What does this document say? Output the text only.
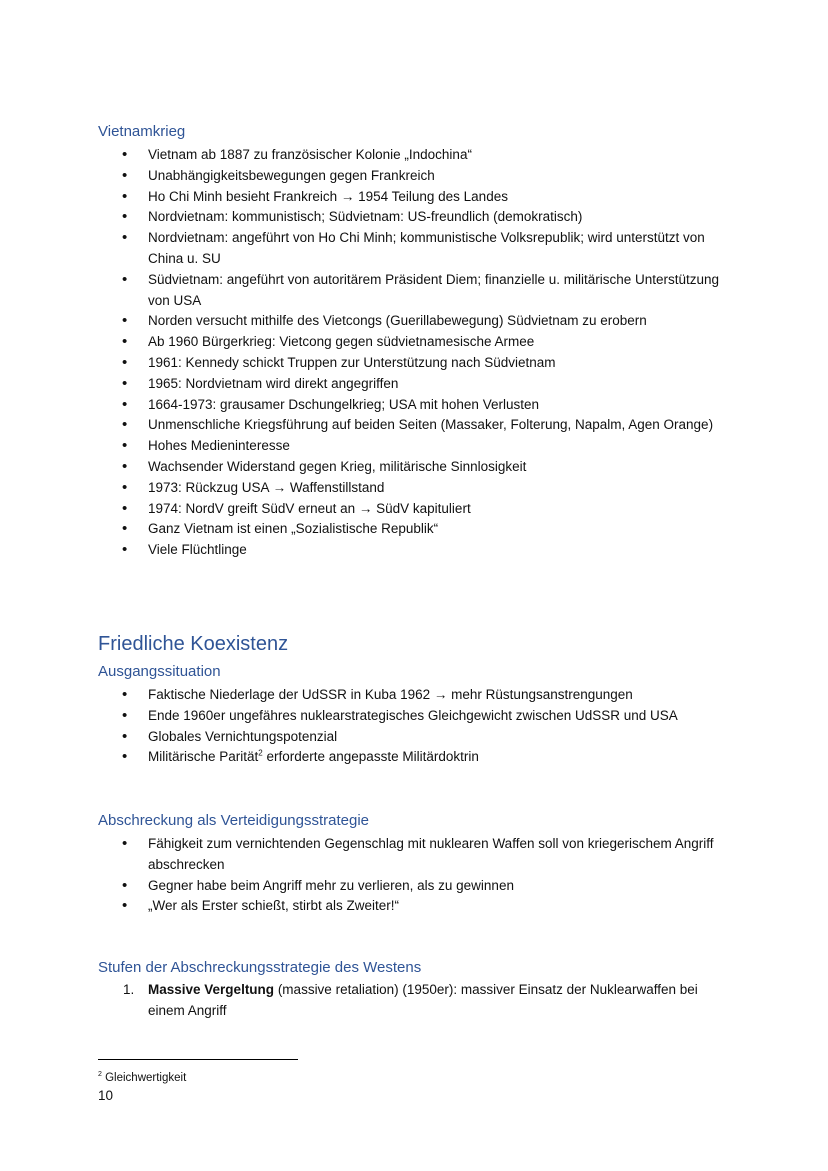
Vietnamkrieg
• Vietnam ab 1887 zu französischer Kolonie „Indochina“
• Unabhängigkeitsbewegungen gegen Frankreich
• Ho Chi Minh besieht Frankreich → 1954 Teilung des Landes
• Nordvietnam: kommunistisch; Südvietnam: US-freundlich (demokratisch)
• Nordvietnam: angeführt von Ho Chi Minh; kommunistische Volksrepublik; wird unterstützt von China u. SU
• Südvietnam: angeführt von autoritärem Präsident Diem; finanzielle u. militärische Unterstützung von USA
• Norden versucht mithilfe des Vietcongs (Guerillabewegung) Südvietnam zu erobern
• Ab 1960 Bürgerkrieg: Vietcong gegen südvietnamesische Armee
• 1961: Kennedy schickt Truppen zur Unterstützung nach Südvietnam
• 1965: Nordvietnam wird direkt angegriffen
• 1664-1973: grausamer Dschungelkrieg; USA mit hohen Verlusten
• Unmenschliche Kriegsführung auf beiden Seiten (Massaker, Folterung, Napalm, Agen Orange)
• Hohes Medieninteresse
• Wachsender Widerstand gegen Krieg, militärische Sinnlosigkeit
• 1973: Rückzug USA → Waffenstillstand
• 1974: NordV greift SüdV erneut an → SüdV kapituliert
• Ganz Vietnam ist einen „Sozialistische Republik“
• Viele Flüchtlinge
Friedliche Koexistenz
Ausgangssituation
• Faktische Niederlage der UdSSR in Kuba 1962 → mehr Rüstungsanstrengungen
• Ende 1960er ungefähres nuklearstrategisches Gleichgewicht zwischen UdSSR und USA
• Globales Vernichtungspotenzial
• Militärische Parität$^2$ erforderte angepasste Militärdoktrin
Abschreckung als Verteidigungsstrategie
• Fähigkeit zum vernichtenden Gegenschlag mit nuklearen Waffen soll von kriegerischem Angriff abschrecken
• Gegner habe beim Angriff mehr zu verlieren, als zu gewinnen
• „Wer als Erster schießt, stirbt als Zweiter!“
Stufen der Abschreckungsstrategie des Westens
1. Massive Vergeltung (massive retaliation) (1950er): massiver Einsatz der Nuklearwaffen bei einem Angriff
$^2$ Gleichwertigkeit
10
